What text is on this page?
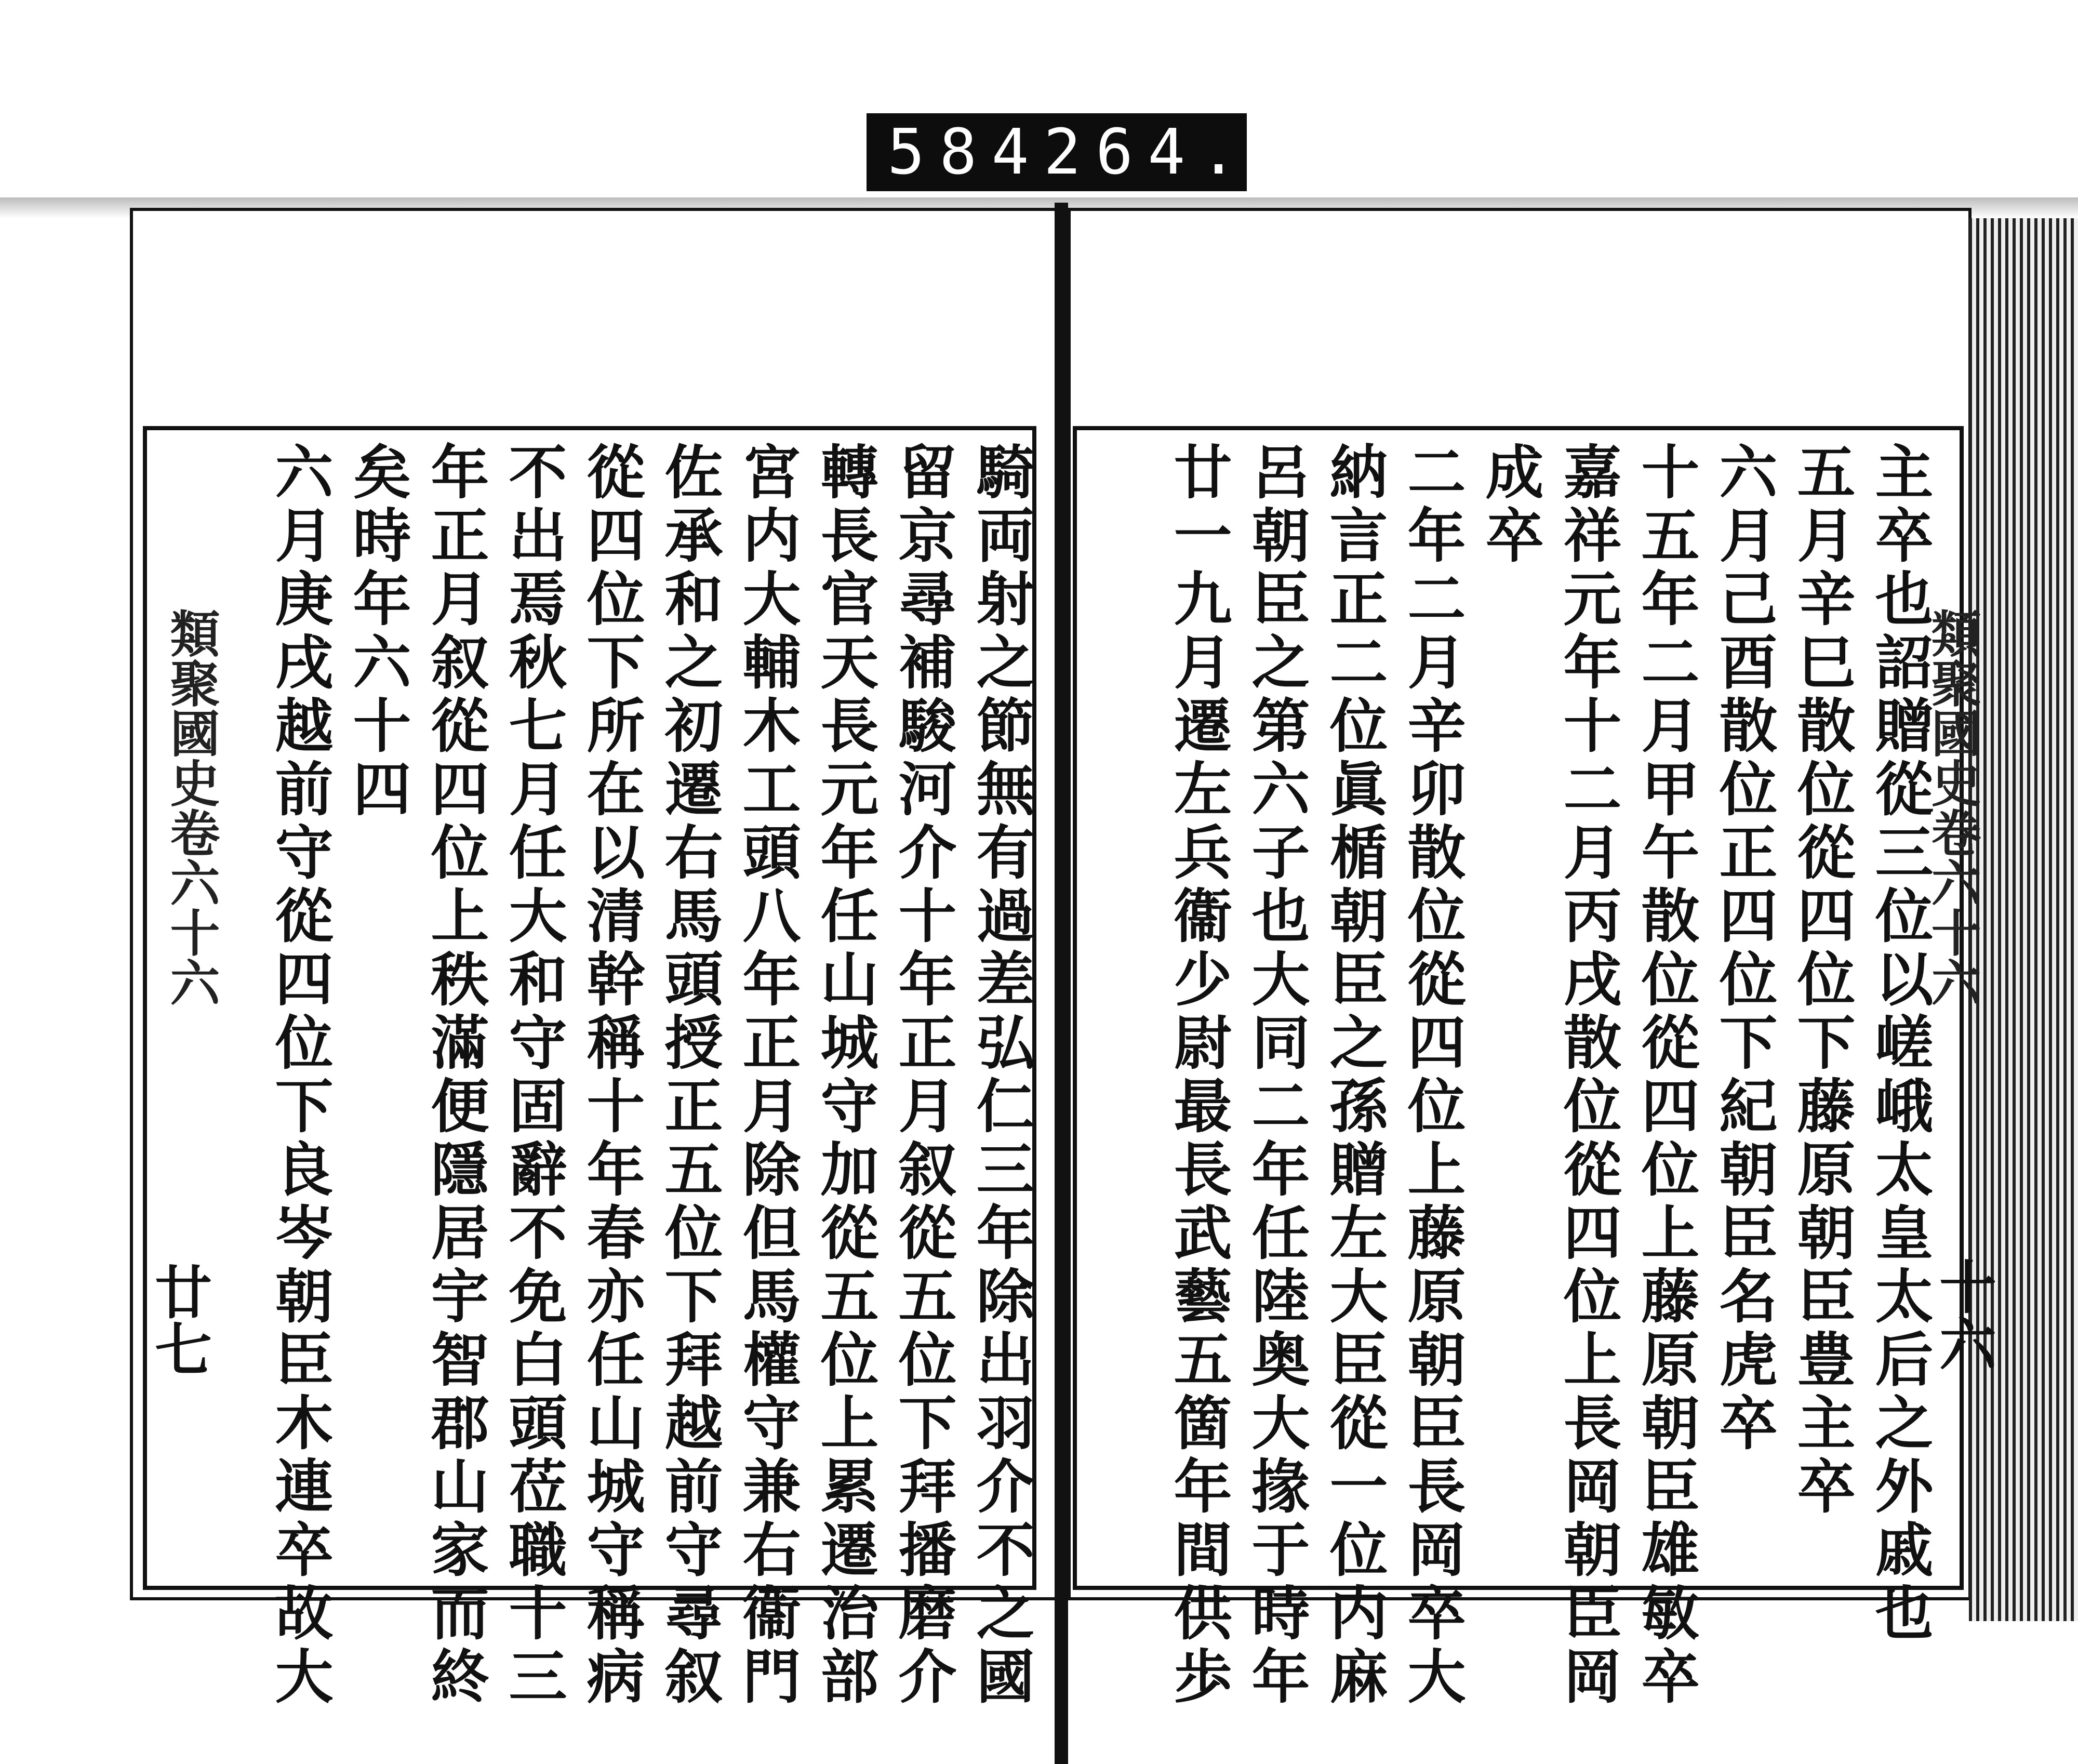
584 264.
主卒也詔贈從三位以嵯峨太皇太后之外戚也
五月辛巳散位從四位下藤原朝臣豊主卒
六月己酉散位正四位下紀朝臣名虎卒
十五年二月甲午散位從四位上藤原朝臣雄敏卒
嘉祥元年十二月丙戌散位從四位上長岡朝臣岡
成卒
二年二月辛卯散位從四位上藤原朝臣長岡卒大
納言正二位眞楯朝臣之孫贈左大臣從一位内麻
呂朝臣之第六子也大同二年任陸奥大掾于時年
廿一九月遷左兵衞少尉最長武藝五箇年間供歩
騎両射之節無有過差弘仁三年除出羽介不之國
留京尋補駿河介十年正月叙從五位下拜播磨介
轉長官天長元年任山城守加從五位上累遷治部
宮内大輔木工頭八年正月除但馬權守兼右衞門
佐承和之初遷右馬頭授正五位下拜越前守尋叙
從四位下所在以清幹稱十年春亦任山城守稱病
不出焉秋七月任大和守固辭不免白頭莅職十三
年正月叙從四位上秩滿便隱居宇智郡山家而終
矣時年六十四
六月庚戌越前守從四位下良岑朝臣木連卒故大	類聚國史卷六十六
類聚國史卷六十六
十六
廿七
